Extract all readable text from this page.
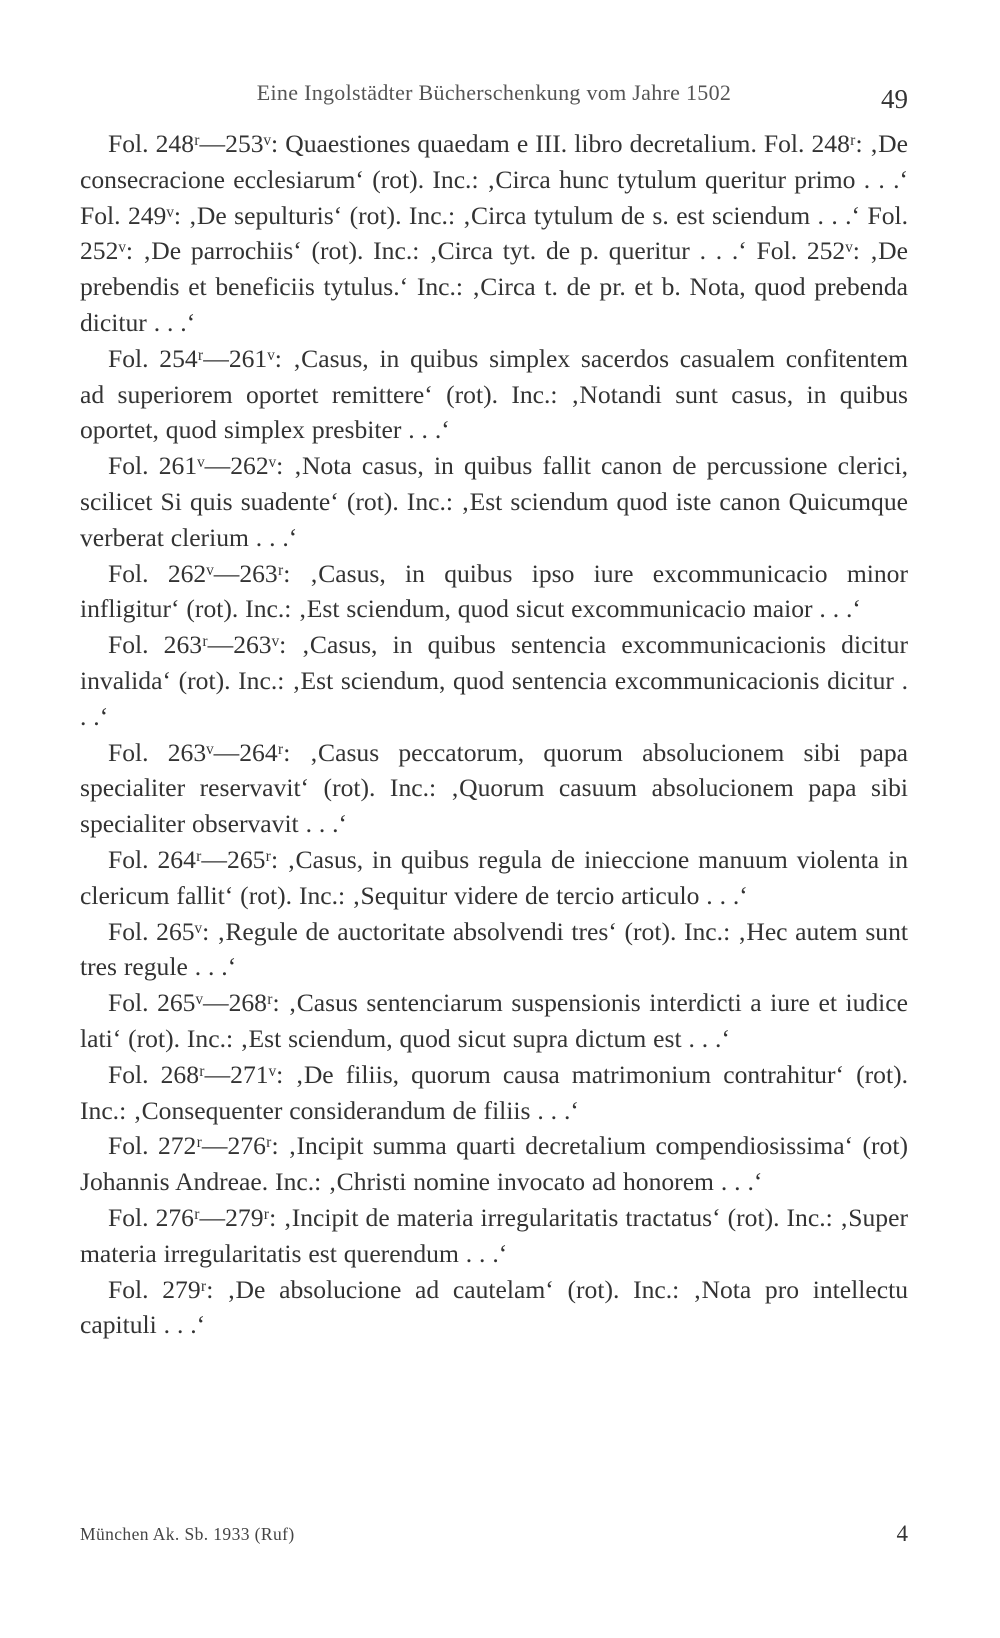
Eine Ingolstädter Bücherschenkung vom Jahre 1502	49

Fol. 248ʳ—253ᵛ: Quaestiones quaedam e III. libro decretalium. Fol. 248ʳ: ‚De consecracione ecclesiarum‘ (rot). Inc.: ‚Circa hunc tytulum queritur primo . . .‘ Fol. 249ᵛ: ‚De sepulturis‘ (rot). Inc.: ‚Circa tytulum de s. est sciendum . . .‘ Fol. 252ᵛ: ‚De parrochiis‘ (rot). Inc.: ‚Circa tyt. de p. queritur . . .‘ Fol. 252ᵛ: ‚De prebendis et beneficiis tytulus.‘ Inc.: ‚Circa t. de pr. et b. Nota, quod prebenda dicitur . . .‘

Fol. 254ʳ—261ᵛ: ‚Casus, in quibus simplex sacerdos casualem confitentem ad superiorem oportet remittere‘ (rot). Inc.: ‚Notandi sunt casus, in quibus oportet, quod simplex presbiter . . .‘

Fol. 261ᵛ—262ᵛ: ‚Nota casus, in quibus fallit canon de percussione clerici, scilicet Si quis suadente‘ (rot). Inc.: ‚Est sciendum quod iste canon Quicumque verberat clerium . . .‘

Fol. 262ᵛ—263ʳ: ‚Casus, in quibus ipso iure excommunicacio minor infligitur‘ (rot). Inc.: ‚Est sciendum, quod sicut excommunicacio maior . . .‘

Fol. 263ʳ—263ᵛ: ‚Casus, in quibus sentencia excommunicacionis dicitur invalida‘ (rot). Inc.: ‚Est sciendum, quod sentencia excommunicacionis dicitur . . .‘

Fol. 263ᵛ—264ʳ: ‚Casus peccatorum, quorum absolucionem sibi papa specialiter reservavit‘ (rot). Inc.: ‚Quorum casuum absolucionem papa sibi specialiter observavit . . .‘

Fol. 264ʳ—265ʳ: ‚Casus, in quibus regula de inieccione manuum violenta in clericum fallit‘ (rot). Inc.: ‚Sequitur videre de tercio articulo . . .‘

Fol. 265ᵛ: ‚Regule de auctoritate absolvendi tres‘ (rot). Inc.: ‚Hec autem sunt tres regule . . .‘

Fol. 265ᵛ—268ʳ: ‚Casus sentenciarum suspensionis interdicti a iure et iudice lati‘ (rot). Inc.: ‚Est sciendum, quod sicut supra dictum est . . .‘

Fol. 268ʳ—271ᵛ: ‚De filiis, quorum causa matrimonium contrahitur‘ (rot). Inc.: ‚Consequenter considerandum de filiis . . .‘

Fol. 272ʳ—276ʳ: ‚Incipit summa quarti decretalium compendiosissima‘ (rot) Johannis Andreae. Inc.: ‚Christi nomine invocato ad honorem . . .‘

Fol. 276ʳ—279ʳ: ‚Incipit de materia irregularitatis tractatus‘ (rot). Inc.: ‚Super materia irregularitatis est querendum . . .‘

Fol. 279ʳ: ‚De absolucione ad cautelam‘ (rot). Inc.: ‚Nota pro intellectu capituli . . .‘

München Ak. Sb. 1933 (Ruf)	4
